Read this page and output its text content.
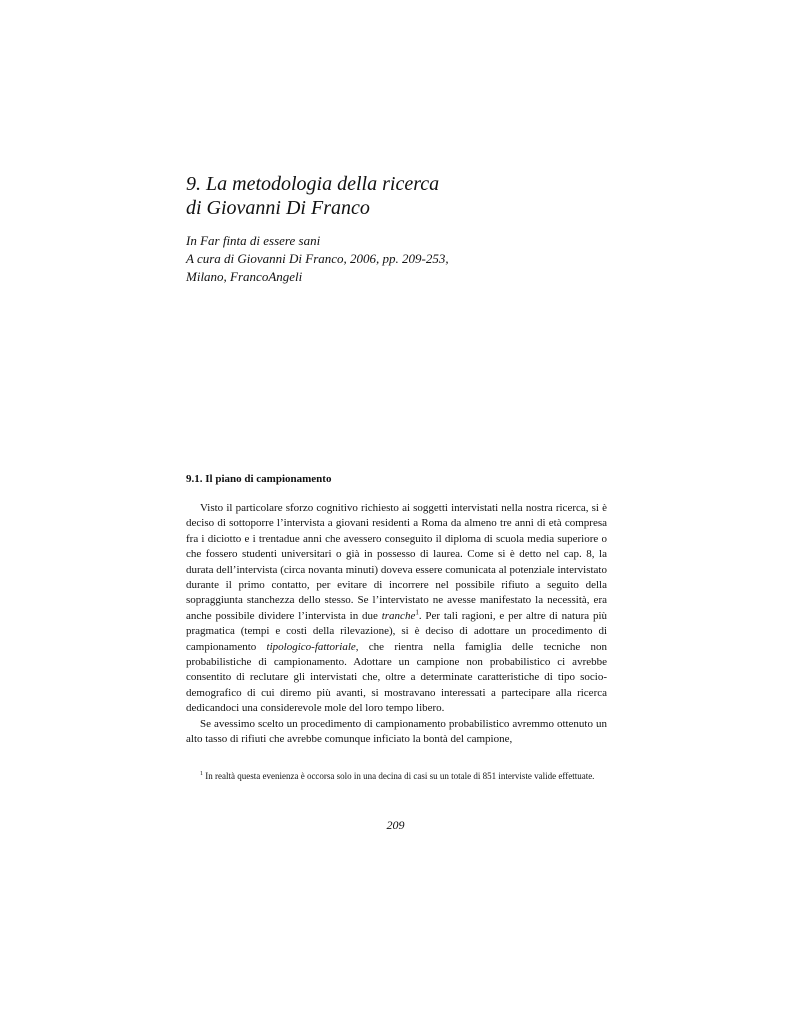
9. La metodologia della ricerca
di Giovanni Di Franco
In Far finta di essere sani
A cura di Giovanni Di Franco, 2006, pp. 209-253,
Milano, FrancoAngeli
9.1. Il piano di campionamento

Visto il particolare sforzo cognitivo richiesto ai soggetti intervistati nella nostra ricerca, si è deciso di sottoporre l’intervista a giovani residenti a Roma da almeno tre anni di età compresa fra i diciotto e i trentadue anni che avessero conseguito il diploma di scuola media superiore o che fossero studenti universitari o già in possesso di laurea. Come si è detto nel cap. 8, la durata dell’intervista (circa novanta minuti) doveva essere comunicata al potenziale intervistato durante il primo contatto, per evitare di incorrere nel possibile rifiuto a seguito della sopraggiunta stanchezza dello stesso. Se l’intervistato ne avesse manifestato la necessità, era anche possibile dividere l’intervista in due tranche$^1$. Per tali ragioni, e per altre di natura più pragmatica (tempi e costi della rilevazione), si è deciso di adottare un procedimento di campionamento tipologico-fattoriale, che rientra nella famiglia delle tecniche non probabilistiche di campionamento. Adottare un campione non probabilistico ci avrebbe consentito di reclutare gli intervistati che, oltre a determinate caratteristiche di tipo socio-demografico di cui diremo più avanti, si mostravano interessati a partecipare alla ricerca dedicandoci una considerevole mole del loro tempo libero.

Se avessimo scelto un procedimento di campionamento probabilistico avremmo ottenuto un alto tasso di rifiuti che avrebbe comunque inficiato la bontà del campione,

$^1$ In realtà questa evenienza è occorsa solo in una decina di casi su un totale di 851 interviste valide effettuate.
209
